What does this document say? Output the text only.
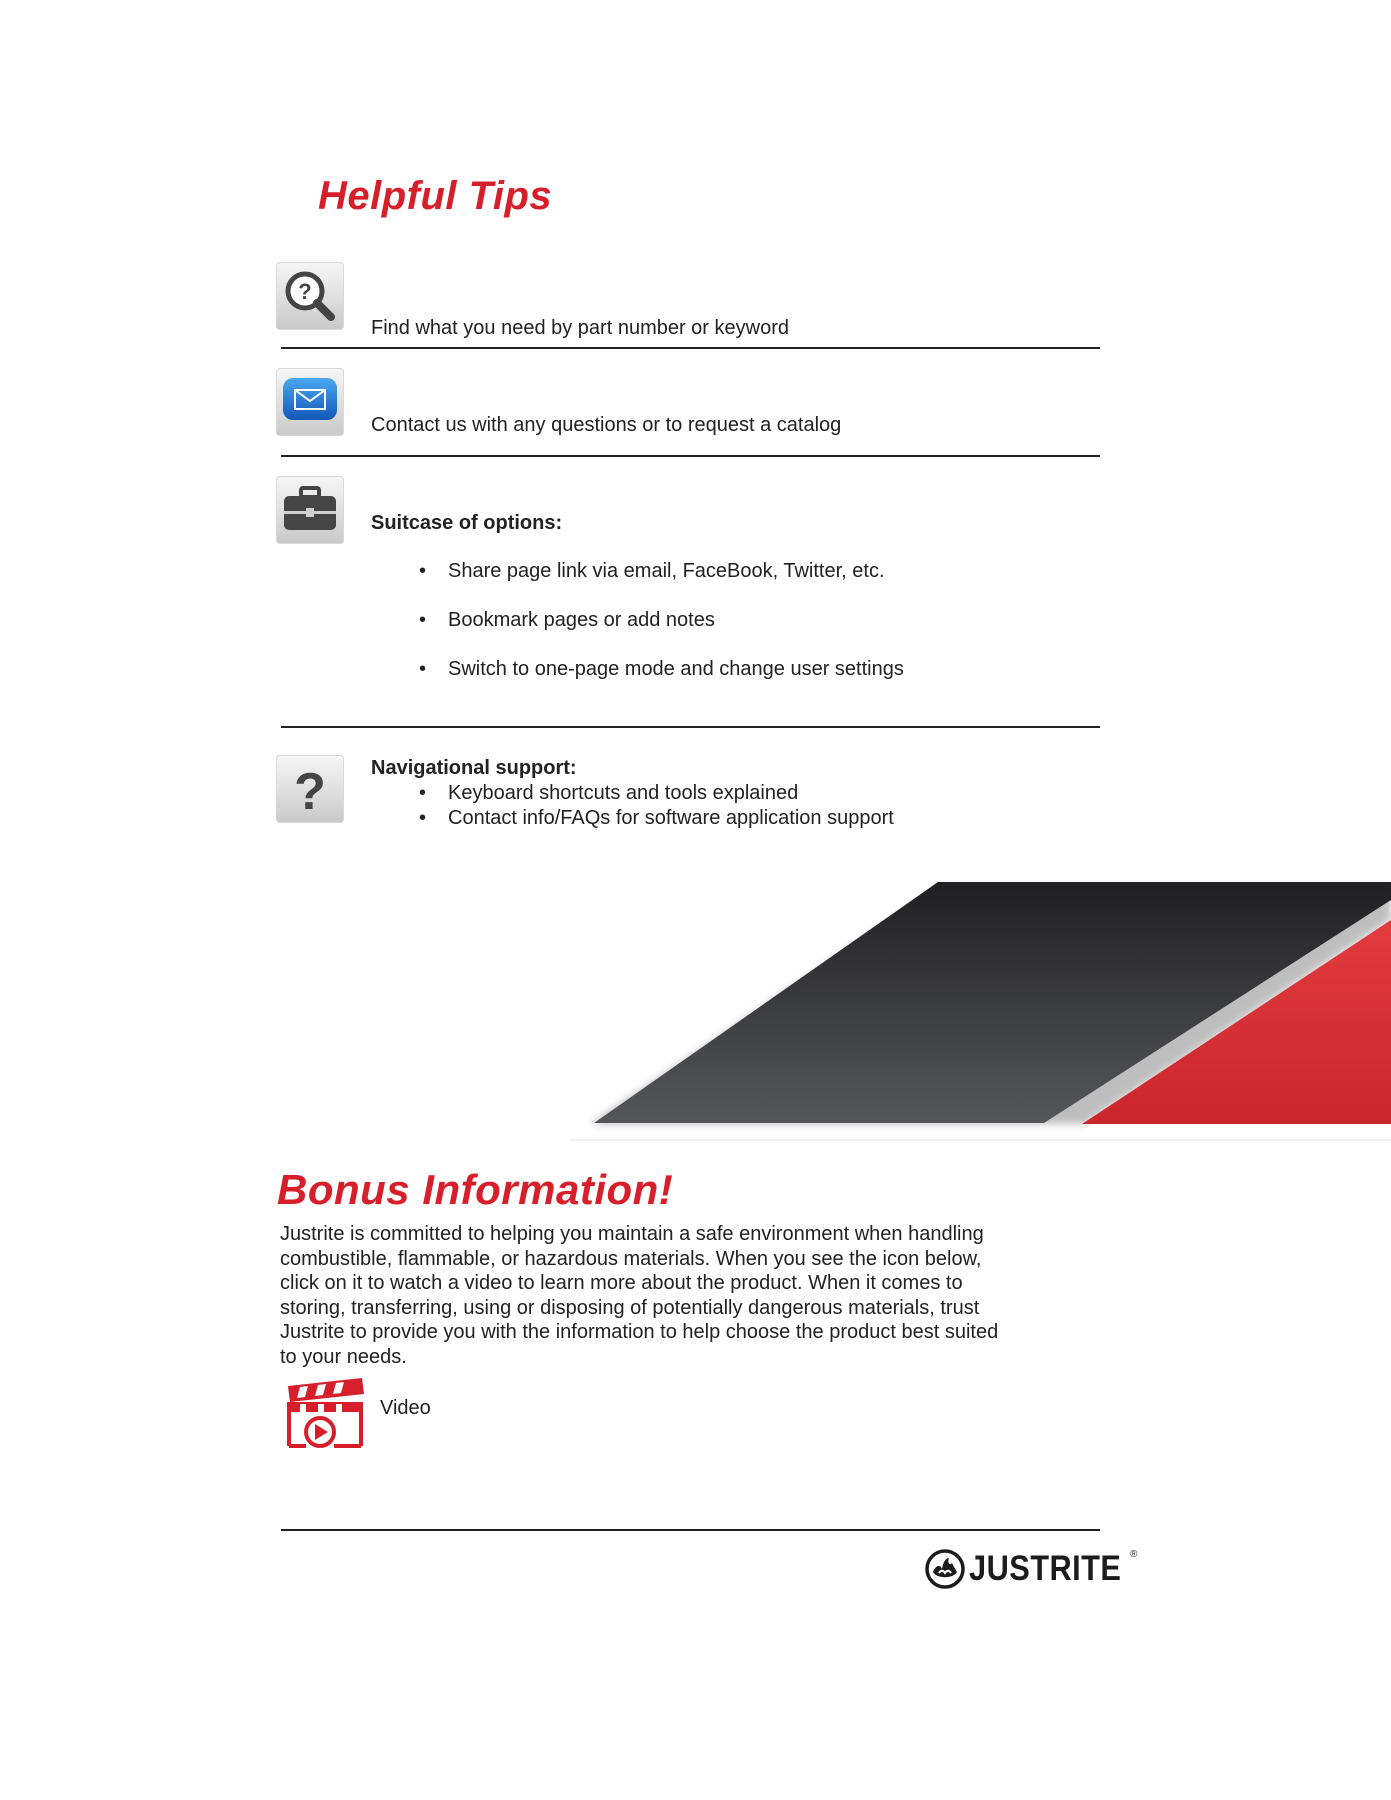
Helpful Tips
?
Find what you need by part number or keyword
Contact us with any questions or to request a catalog
Suitcase of options:
• Share page link via email, FaceBook, Twitter, etc.
• Bookmark pages or add notes
• Switch to one-page mode and change user settings
? Navigational support:
• Keyboard shortcuts and tools explained
• Contact info/FAQs for software application support
Bonus Information!
Justrite is committed to helping you maintain a safe environment when handling
combustible, flammable, or hazardous materials. When you see the icon below,
click on it to watch a video to learn more about the product. When it comes to
storing, transferring, using or disposing of potentially dangerous materials, trust
Justrite to provide you with the information to help choose the product best suited
to your needs.
Video
JUSTRITE ®
